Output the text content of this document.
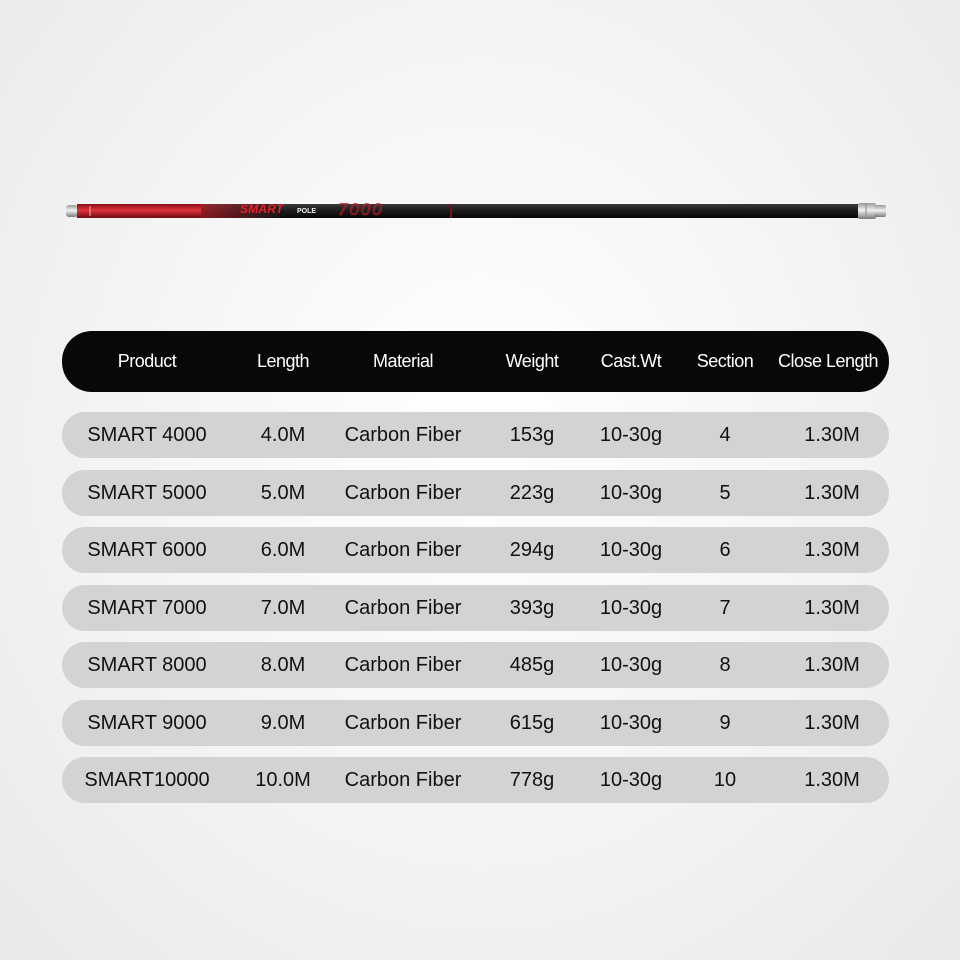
SMART POLE 7000
Product	Length	Material	Weight	Cast.Wt	Section	Close Length
SMART 4000	4.0M	Carbon Fiber	153g	10-30g	4	1.30M
SMART 5000	5.0M	Carbon Fiber	223g	10-30g	5	1.30M
SMART 6000	6.0M	Carbon Fiber	294g	10-30g	6	1.30M
SMART 7000	7.0M	Carbon Fiber	393g	10-30g	7	1.30M
SMART 8000	8.0M	Carbon Fiber	485g	10-30g	8	1.30M
SMART 9000	9.0M	Carbon Fiber	615g	10-30g	9	1.30M
SMART10000	10.0M	Carbon Fiber	778g	10-30g	10	1.30M
